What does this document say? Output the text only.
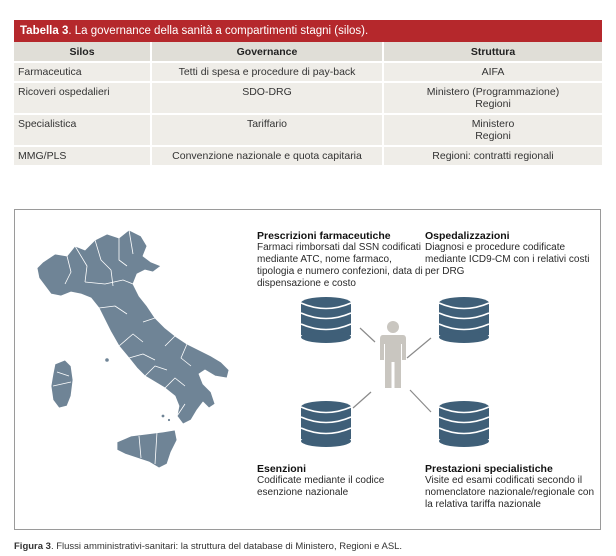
Tabella 3. La governance della sanità a compartimenti stagni (silos).
Silos	Governance	Struttura
Farmaceutica	Tetti di spesa e procedure di pay-back	AIFA

Ricoveri ospedalieri	SDO-DRG	Ministero (Programmazione)
Regioni

Specialistica	Tariffario	Ministero
Regioni

MMG/PLS	Convenzione nazionale e quota capitaria	Regioni: contratti regionali
Prescrizioni farmaceutiche
Farmaci rimborsati dal SSN codificati
mediante ATC, nome farmaco,
tipologia e numero confezioni, data di
dispensazione e costo
Ospedalizzazioni
Diagnosi e procedure codificate
mediante ICD9-CM con i relativi costi
per DRG
Esenzioni
Codificate mediante il codice
esenzione nazionale
Prestazioni specialistiche
Visite ed esami codificati secondo il
nomenclatore nazionale/regionale con
la relativa tariffa nazionale
Figura 3. Flussi amministrativi-sanitari: la struttura del database di Ministero, Regioni e ASL.
